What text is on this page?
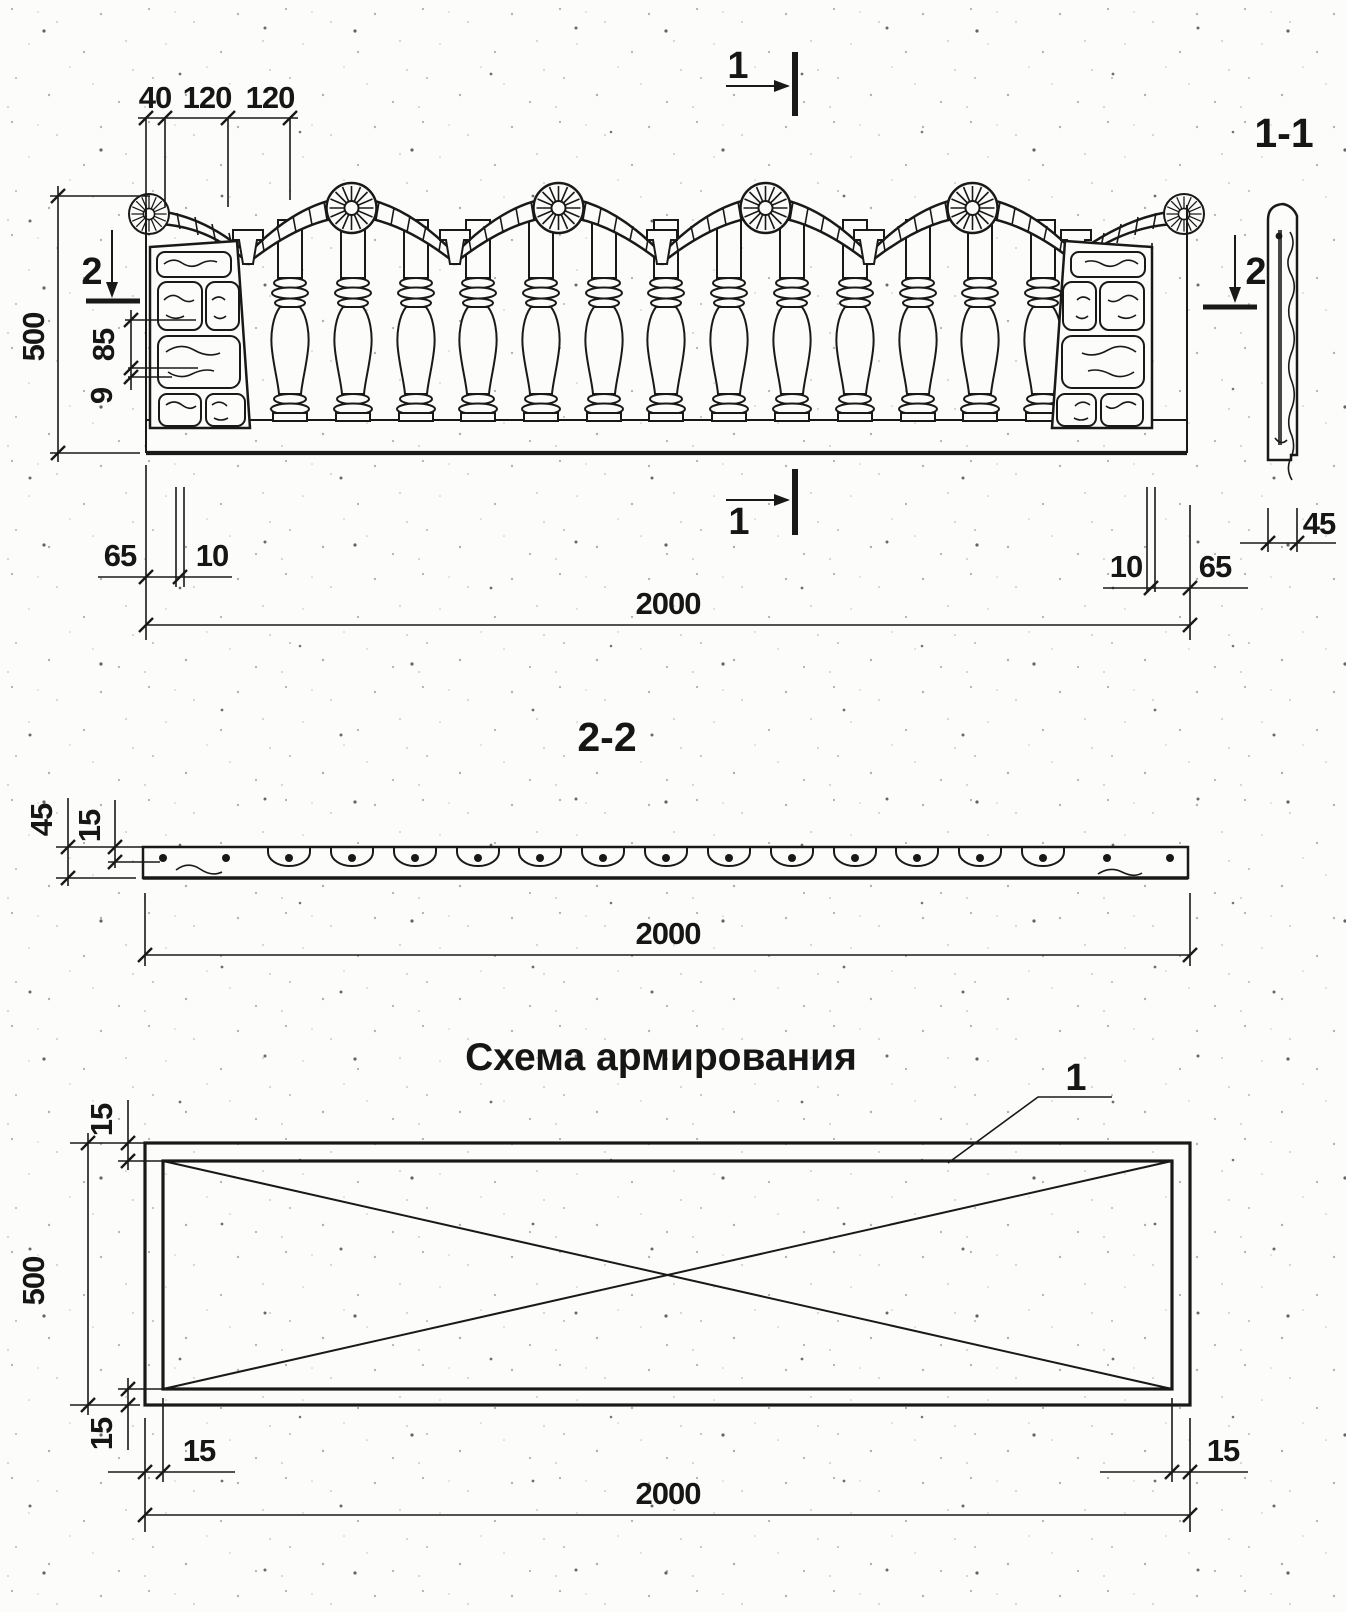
40 120 120
500
2
85
9
1
1
2
65 10	10 65
2000
1-1
45
2-2
45 15
2000
Схема армирования	1
15
500
15 15	15
2000
